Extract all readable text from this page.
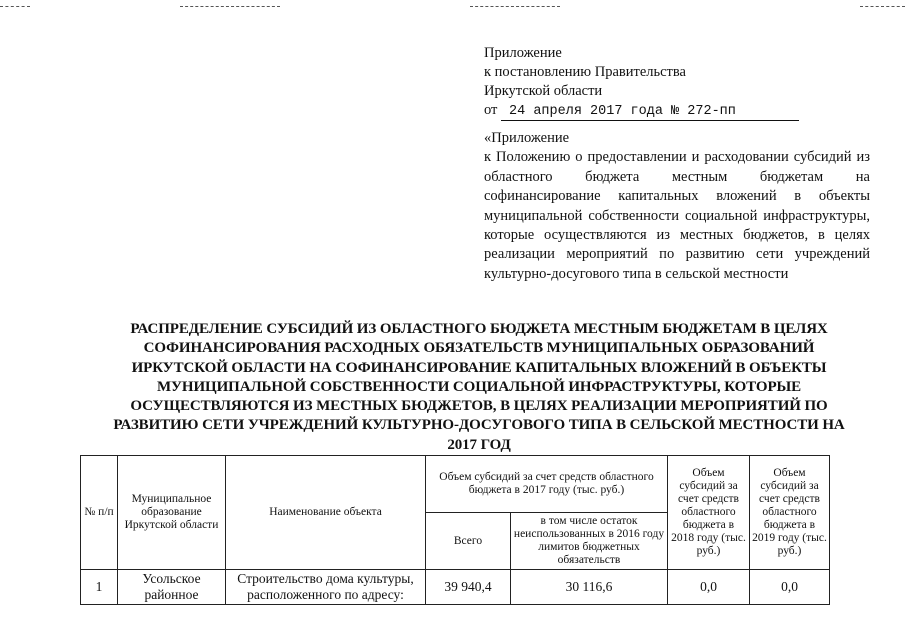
Приложение
к постановлению Правительства
Иркутской области
от 24 апреля 2017 года № 272-пп
«Приложение
к Положению о предоставлении и расходовании субсидий из областного бюджета местным бюджетам на софинансирование капитальных вложений в объекты муниципальной собственности социальной инфраструктуры, которые осуществляются из местных бюджетов, в целях реализации мероприятий по развитию сети учреждений культурно-досугового типа в сельской местности
РАСПРЕДЕЛЕНИЕ СУБСИДИЙ ИЗ ОБЛАСТНОГО БЮДЖЕТА МЕСТНЫМ БЮДЖЕТАМ В ЦЕЛЯХ СОФИНАНСИРОВАНИЯ РАСХОДНЫХ ОБЯЗАТЕЛЬСТВ МУНИЦИПАЛЬНЫХ ОБРАЗОВАНИЙ ИРКУТСКОЙ ОБЛАСТИ НА СОФИНАНСИРОВАНИЕ КАПИТАЛЬНЫХ ВЛОЖЕНИЙ В ОБЪЕКТЫ МУНИЦИПАЛЬНОЙ СОБСТВЕННОСТИ СОЦИАЛЬНОЙ ИНФРАСТРУКТУРЫ, КОТОРЫЕ ОСУЩЕСТВЛЯЮТСЯ ИЗ МЕСТНЫХ БЮДЖЕТОВ, В ЦЕЛЯХ РЕАЛИЗАЦИИ МЕРОПРИЯТИЙ ПО РАЗВИТИЮ СЕТИ УЧРЕЖДЕНИЙ КУЛЬТУРНО-ДОСУГОВОГО ТИПА В СЕЛЬСКОЙ МЕСТНОСТИ НА 2017 ГОД
№ п/п	Муниципальное образование Иркутской области	Наименование объекта	Объем субсидий за счет средств областного бюджета в 2017 году (тыс. руб.)		Объем субсидий за счет средств областного бюджета в 2018 году (тыс. руб.)	Объем субсидий за счет средств областного бюджета в 2019 году (тыс. руб.)
			Всего	в том числе остаток неиспользованных в 2016 году лимитов бюджетных обязательств		
1	Усольское районное	Строительство дома культуры, расположенного по адресу:	39 940,4	30 116,6	0,0	0,0
